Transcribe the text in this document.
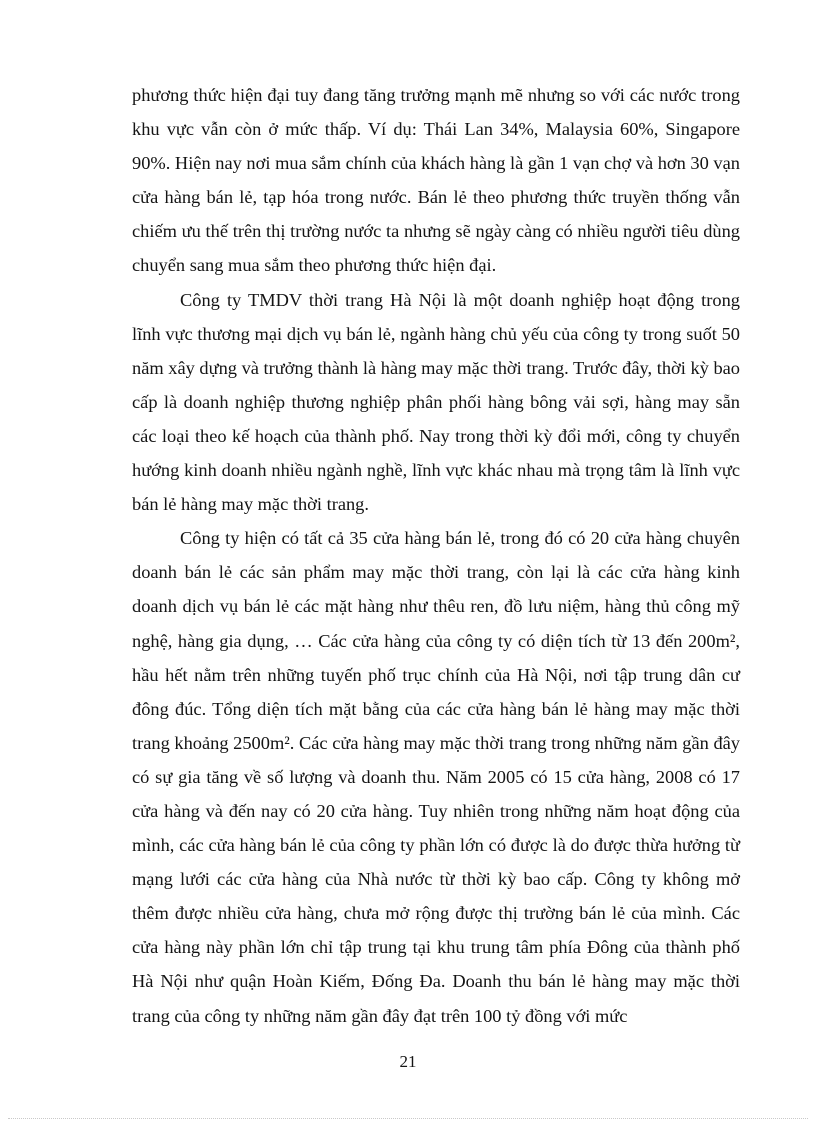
phương thức hiện đại tuy đang tăng trưởng mạnh mẽ nhưng so với các nước trong khu vực vẫn còn ở mức thấp. Ví dụ: Thái Lan 34%, Malaysia 60%, Singapore 90%. Hiện nay nơi mua sắm chính của khách hàng là gần 1 vạn chợ và hơn 30 vạn cửa hàng bán lẻ, tạp hóa trong nước. Bán lẻ theo phương thức truyền thống vẫn chiếm ưu thế trên thị trường nước ta nhưng sẽ ngày càng có nhiều người tiêu dùng chuyển sang mua sắm theo phương thức hiện đại.

Công ty TMDV thời trang Hà Nội là một doanh nghiệp hoạt động trong lĩnh vực thương mại dịch vụ bán lẻ, ngành hàng chủ yếu của công ty trong suốt 50 năm xây dựng và trưởng thành là hàng may mặc thời trang. Trước đây, thời kỳ bao cấp là doanh nghiệp thương nghiệp phân phối hàng bông vải sợi, hàng may sẵn các loại theo kế hoạch của thành phố. Nay trong thời kỳ đổi mới, công ty chuyển hướng kinh doanh nhiều ngành nghề, lĩnh vực khác nhau mà trọng tâm là lĩnh vực bán lẻ hàng may mặc thời trang.

Công ty hiện có tất cả 35 cửa hàng bán lẻ, trong đó có 20 cửa hàng chuyên doanh bán lẻ các sản phẩm may mặc thời trang, còn lại là các cửa hàng kinh doanh dịch vụ bán lẻ các mặt hàng như thêu ren, đồ lưu niệm, hàng thủ công mỹ nghệ, hàng gia dụng, … Các cửa hàng của công ty có diện tích từ 13 đến 200m², hầu hết nằm trên những tuyến phố trục chính của Hà Nội, nơi tập trung dân cư đông đúc. Tổng diện tích mặt bằng của các cửa hàng bán lẻ hàng may mặc thời trang khoảng 2500m². Các cửa hàng may mặc thời trang trong những năm gần đây có sự gia tăng về số lượng và doanh thu. Năm 2005 có 15 cửa hàng, 2008 có 17 cửa hàng và đến nay có 20 cửa hàng. Tuy nhiên trong những năm hoạt động của mình, các cửa hàng bán lẻ của công ty phần lớn có được là do được thừa hưởng từ mạng lưới các cửa hàng của Nhà nước từ thời kỳ bao cấp. Công ty không mở thêm được nhiều cửa hàng, chưa mở rộng được thị trường bán lẻ của mình. Các cửa hàng này phần lớn chỉ tập trung tại khu trung tâm phía Đông của thành phố Hà Nội như quận Hoàn Kiếm, Đống Đa. Doanh thu bán lẻ hàng may mặc thời trang của công ty những năm gần đây đạt trên 100 tỷ đồng với mức

21
